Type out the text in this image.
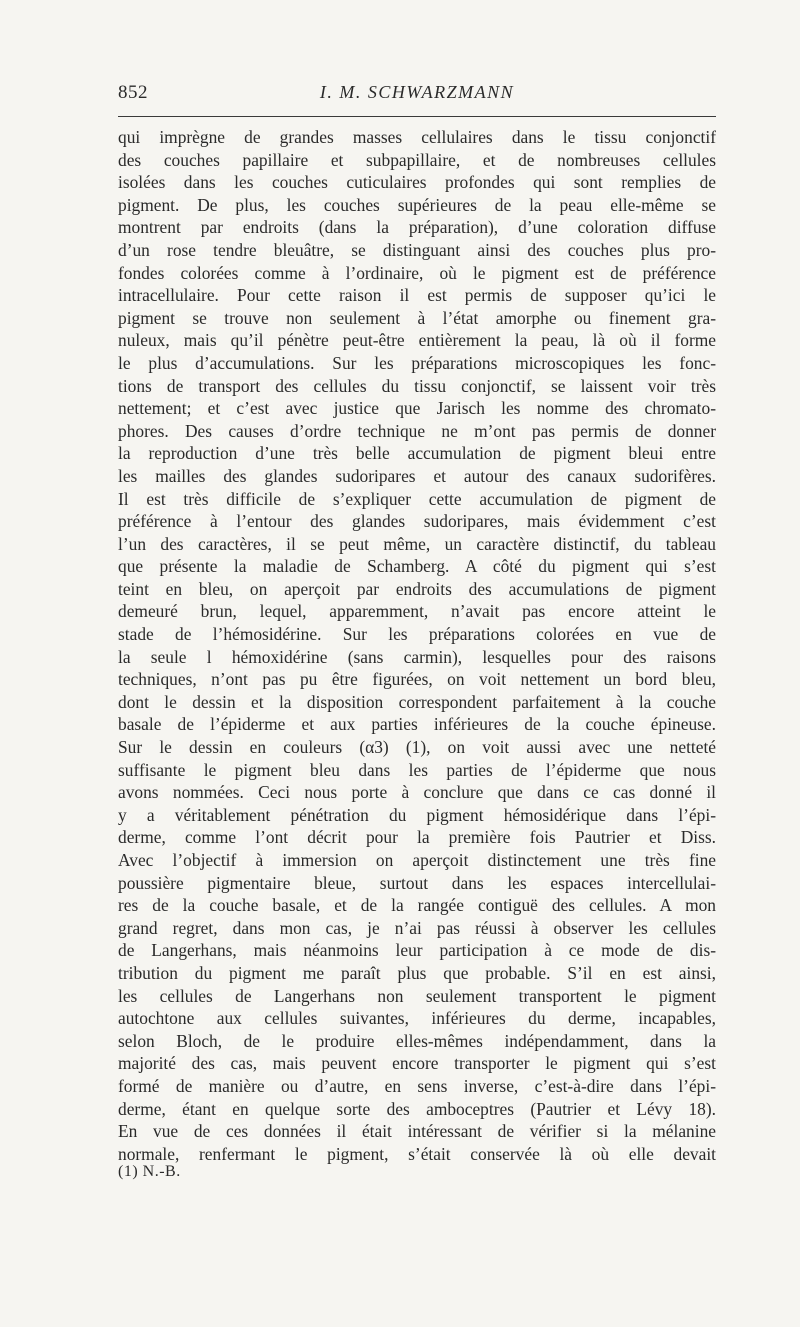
852	I. M. SCHWARZMANN
qui imprègne de grandes masses cellulaires dans le tissu conjonctif
des couches papillaire et subpapillaire, et de nombreuses cellules
isolées dans les couches cuticulaires profondes qui sont remplies de
pigment. De plus, les couches supérieures de la peau elle-même se
montrent par endroits (dans la préparation), d’une coloration diffuse
d’un rose tendre bleuâtre, se distinguant ainsi des couches plus pro-
fondes colorées comme à l’ordinaire, où le pigment est de préférence
intracellulaire. Pour cette raison il est permis de supposer qu’ici le
pigment se trouve non seulement à l’état amorphe ou finement gra-
nuleux, mais qu’il pénètre peut-être entièrement la peau, là où il forme
le plus d’accumulations. Sur les préparations microscopiques les fonc-
tions de transport des cellules du tissu conjonctif, se laissent voir très
nettement; et c’est avec justice que Jarisch les nomme des chromato-
phores. Des causes d’ordre technique ne m’ont pas permis de donner
la reproduction d’une très belle accumulation de pigment bleui entre
les mailles des glandes sudoripares et autour des canaux sudorifères.
Il est très difficile de s’expliquer cette accumulation de pigment de
préférence à l’entour des glandes sudoripares, mais évidemment c’est
l’un des caractères, il se peut même, un caractère distinctif, du tableau
que présente la maladie de Schamberg. A côté du pigment qui s’est
teint en bleu, on aperçoit par endroits des accumulations de pigment
demeuré brun, lequel, apparemment, n’avait pas encore atteint le
stade de l’hémosidérine. Sur les préparations colorées en vue de
la seule l hémoxidérine (sans carmin), lesquelles pour des raisons
techniques, n’ont pas pu être figurées, on voit nettement un bord bleu,
dont le dessin et la disposition correspondent parfaitement à la couche
basale de l’épiderme et aux parties inférieures de la couche épineuse.
Sur le dessin en couleurs (α3) (1), on voit aussi avec une netteté
suffisante le pigment bleu dans les parties de l’épiderme que nous
avons nommées. Ceci nous porte à conclure que dans ce cas donné il
y a véritablement pénétration du pigment hémosidérique dans l’épi-
derme, comme l’ont décrit pour la première fois Pautrier et Diss.
Avec l’objectif à immersion on aperçoit distinctement une très fine
poussière pigmentaire bleue, surtout dans les espaces intercellulai-
res de la couche basale, et de la rangée contiguë des cellules. A mon
grand regret, dans mon cas, je n’ai pas réussi à observer les cellules
de Langerhans, mais néanmoins leur participation à ce mode de dis-
tribution du pigment me paraît plus que probable. S’il en est ainsi,
les cellules de Langerhans non seulement transportent le pigment
autochtone aux cellules suivantes, inférieures du derme, incapables,
selon Bloch, de le produire elles-mêmes indépendamment, dans la
majorité des cas, mais peuvent encore transporter le pigment qui s’est
formé de manière ou d’autre, en sens inverse, c’est-à-dire dans l’épi-
derme, étant en quelque sorte des amboceptres (Pautrier et Lévy 18).
En vue de ces données il était intéressant de vérifier si la mélanine
normale, renfermant le pigment, s’était conservée là où elle devait
(1) N.-B.
